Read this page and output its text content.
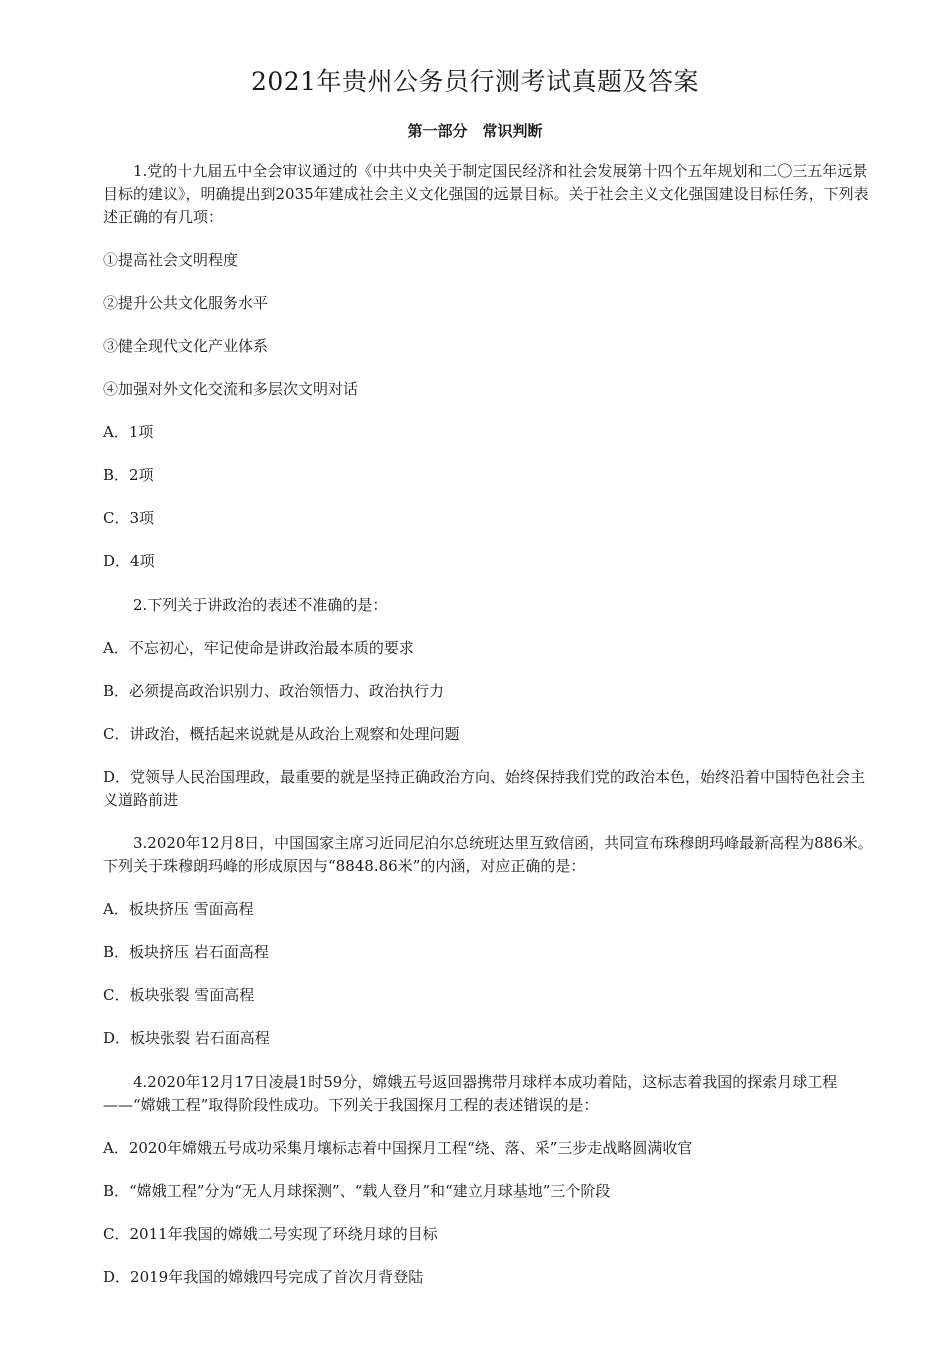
2021年贵州公务员行测考试真题及答案
第一部分　常识判断

1.党的十九届五中全会审议通过的《中共中央关于制定国民经济和社会发展第十四个五年规划和二〇三五年远景目标的建议》，明确提出到2035年建成社会主义文化强国的远景目标。关于社会主义文化强国建设目标任务，下列表述正确的有几项：

①提高社会文明程度

②提升公共文化服务水平

③健全现代文化产业体系

④加强对外文化交流和多层次文明对话

A．1项

B．2项

C．3项

D．4项

2.下列关于讲政治的表述不准确的是：

A．不忘初心，牢记使命是讲政治最本质的要求

B．必须提高政治识别力、政治领悟力、政治执行力

C．讲政治，概括起来说就是从政治上观察和处理问题

D．党领导人民治国理政，最重要的就是坚持正确政治方向、始终保持我们党的政治本色，始终沿着中国特色社会主义道路前进

3.2020年12月8日，中国国家主席习近同尼泊尔总统班达里互致信函，共同宣布珠穆朗玛峰最新高程为886米。下列关于珠穆朗玛峰的形成原因与“8848.86米”的内涵，对应正确的是：

A．板块挤压 雪面高程

B．板块挤压 岩石面高程

C．板块张裂 雪面高程

D．板块张裂 岩石面高程

4.2020年12月17日凌晨1时59分，嫦娥五号返回器携带月球样本成功着陆，这标志着我国的探索月球工程——“嫦娥工程”取得阶段性成功。下列关于我国探月工程的表述错误的是：

A．2020年嫦娥五号成功采集月壤标志着中国探月工程“绕、落、采”三步走战略圆满收官

B．“嫦娥工程”分为“无人月球探测”、“载人登月”和“建立月球基地”三个阶段

C．2011年我国的嫦娥二号实现了环绕月球的目标

D．2019年我国的嫦娥四号完成了首次月背登陆
